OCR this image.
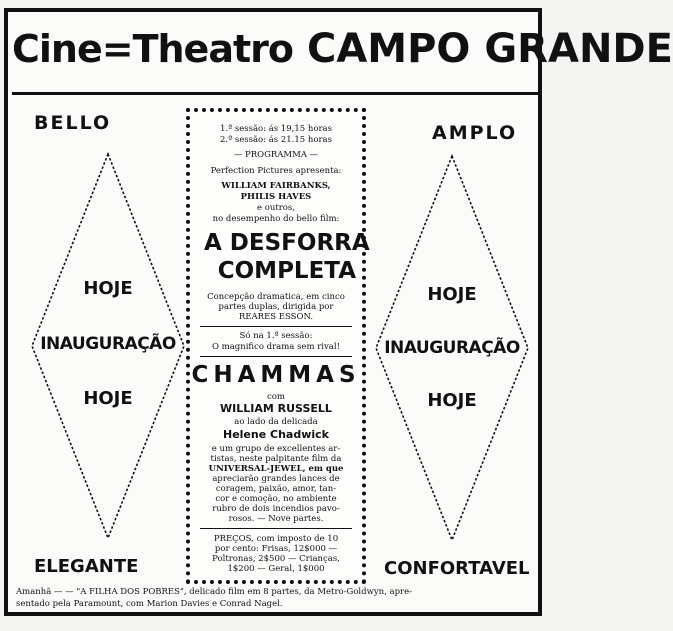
Cine=Theatro CAMPO GRANDE
BELLO
HOJE
INAUGURAÇÃO
HOJE
ELEGANTE
AMPLO
HOJE
INAUGURAÇÃO
HOJE
CONFORTAVEL
1.ª sessão: ás 19,15 horas
2.ª sessão: ás 21.15 horas
— PROGRAMMA —
Perfection Pictures apresenta:
WILLIAM FAIRBANKS,
PHILIS HAVES
e outros,
no desempenho do bello film:
A DESFORRA
COMPLETA
Concepção dramatica, em cinco
partes duplas, dirigida por
REARES ESSON.
Só na 1.ª sessão:
O magnifico drama sem rival!
CHAMMAS
com
WILLIAM RUSSELL
ao lado da delicada
Helene Chadwick
e um grupo de excellentes ar-
tistas, neste palpitante film da
UNIVERSAL-JEWEL, em que
apreciarão grandes lances de
coragem, paixão, amor, tan-
cor e comoção, no ambiente
rubro de dois incendios pavo-
rosos. — Nove partes.
PREÇOS, com imposto de 10
por cento: Frisas, 12$000 —
Poltronas, 2$500 — Crianças,
1$200 — Geral, 1$000
Amanhã — — "A FILHA DOS POBRES", delicado film em 8 partes, da Metro-Goldwyn, apre-
sentado pela Paramount, com Marion Davies e Conrad Nagel.
